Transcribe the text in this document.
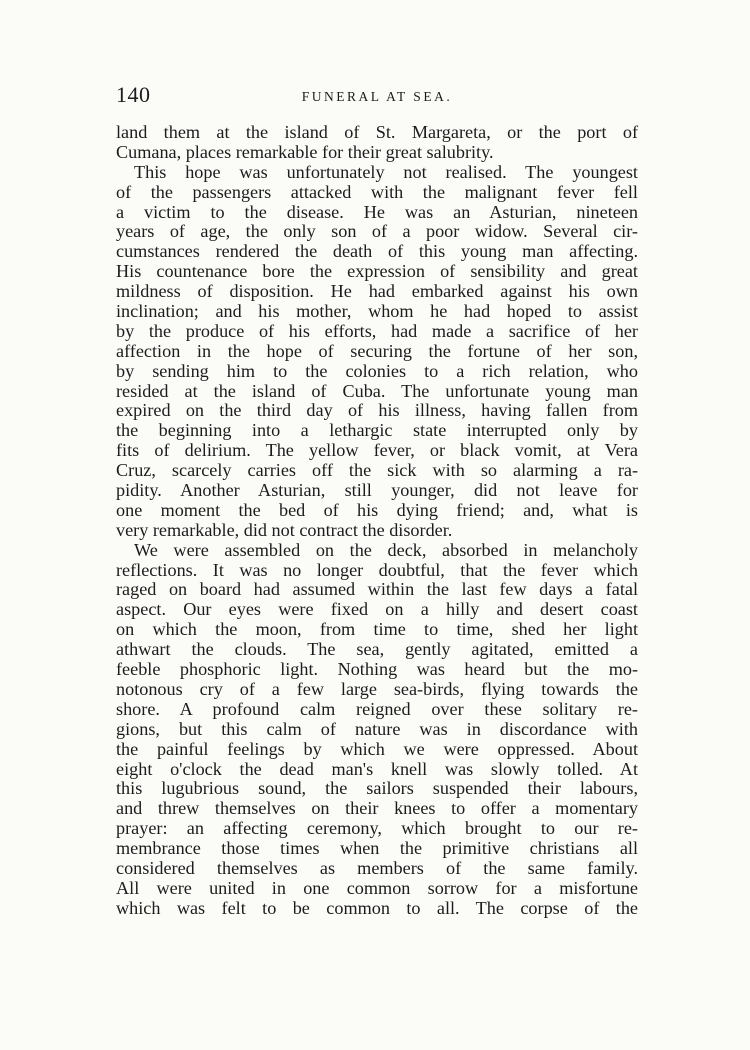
140	FUNERAL AT SEA.
land them at the island of St. Margareta, or the port of
Cumana, places remarkable for their great salubrity.
This hope was unfortunately not realised. The youngest
of the passengers attacked with the malignant fever fell
a victim to the disease. He was an Asturian, nineteen
years of age, the only son of a poor widow. Several cir-
cumstances rendered the death of this young man affecting.
His countenance bore the expression of sensibility and great
mildness of disposition. He had embarked against his own
inclination; and his mother, whom he had hoped to assist
by the produce of his efforts, had made a sacrifice of her
affection in the hope of securing the fortune of her son,
by sending him to the colonies to a rich relation, who
resided at the island of Cuba. The unfortunate young man
expired on the third day of his illness, having fallen from
the beginning into a lethargic state interrupted only by
fits of delirium. The yellow fever, or black vomit, at Vera
Cruz, scarcely carries off the sick with so alarming a ra-
pidity. Another Asturian, still younger, did not leave for
one moment the bed of his dying friend; and, what is
very remarkable, did not contract the disorder.
We were assembled on the deck, absorbed in melancholy
reflections. It was no longer doubtful, that the fever which
raged on board had assumed within the last few days a fatal
aspect. Our eyes were fixed on a hilly and desert coast
on which the moon, from time to time, shed her light
athwart the clouds. The sea, gently agitated, emitted a
feeble phosphoric light. Nothing was heard but the mo-
notonous cry of a few large sea-birds, flying towards the
shore. A profound calm reigned over these solitary re-
gions, but this calm of nature was in discordance with
the painful feelings by which we were oppressed. About
eight o'clock the dead man's knell was slowly tolled. At
this lugubrious sound, the sailors suspended their labours,
and threw themselves on their knees to offer a momentary
prayer: an affecting ceremony, which brought to our re-
membrance those times when the primitive christians all
considered themselves as members of the same family.
All were united in one common sorrow for a misfortune
which was felt to be common to all. The corpse of the
